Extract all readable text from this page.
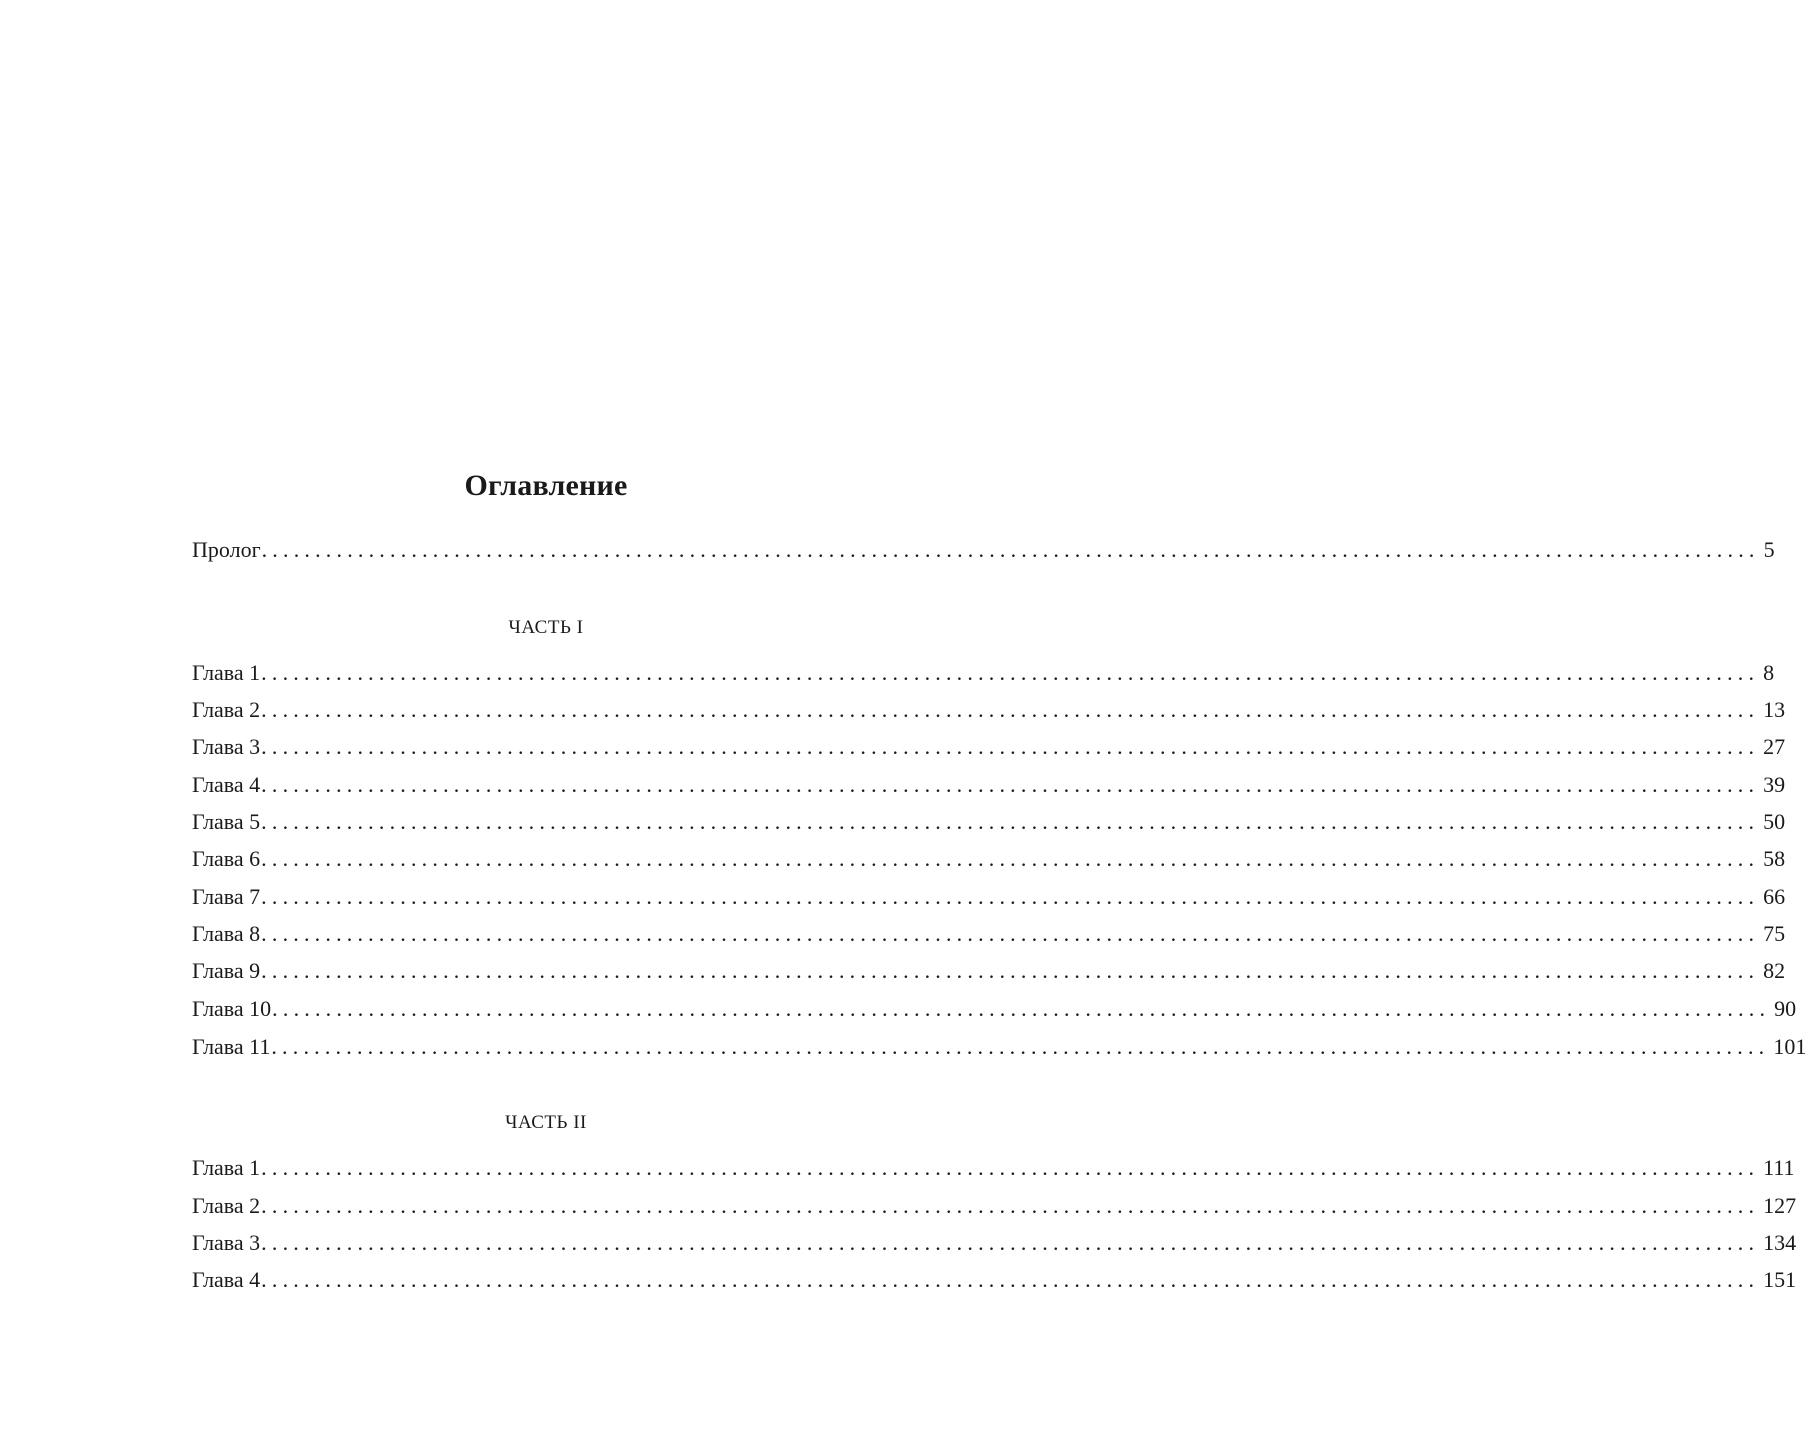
Оглавление
Пролог ............................................................................................................................................ 5
ЧАСТЬ I
Глава 1 ............................................................................................................................................ 8
Глава 2 ............................................................................................................................................ 13
Глава 3 ............................................................................................................................................ 27
Глава 4 ............................................................................................................................................ 39
Глава 5 ............................................................................................................................................ 50
Глава 6 ............................................................................................................................................ 58
Глава 7 ............................................................................................................................................ 66
Глава 8 ............................................................................................................................................ 75
Глава 9 ............................................................................................................................................ 82
Глава 10 ............................................................................................................................................ 90
Глава 11 ............................................................................................................................................ 101
ЧАСТЬ II
Глава 1 ............................................................................................................................................ 111
Глава 2 ............................................................................................................................................ 127
Глава 3 ............................................................................................................................................ 134
Глава 4 ............................................................................................................................................ 151
